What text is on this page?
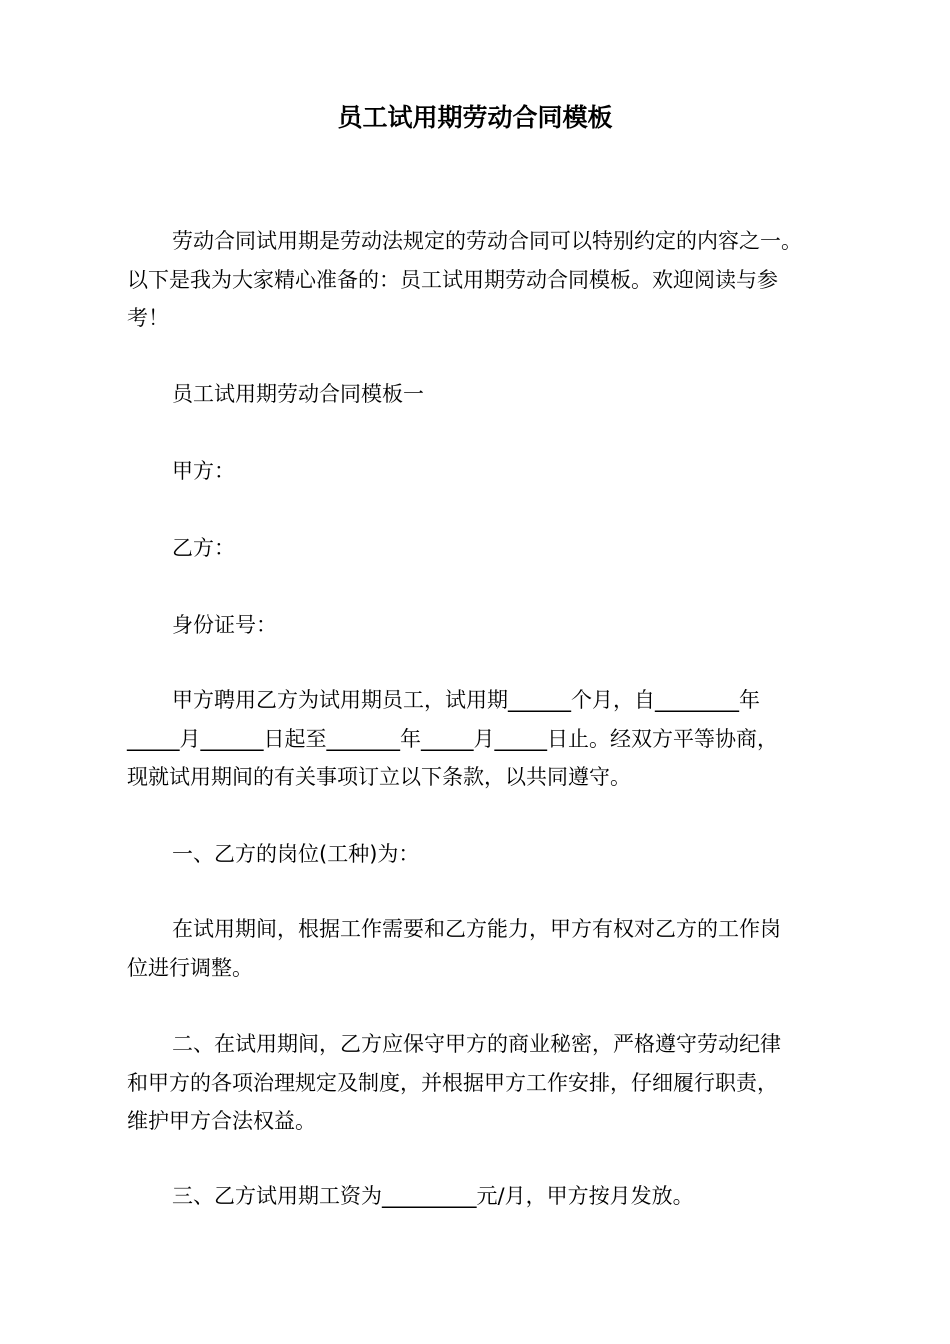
员工试用期劳动合同模板
劳动合同试用期是劳动法规定的劳动合同可以特别约定的内容之一。
以下是我为大家精心准备的：员工试用期劳动合同模板。欢迎阅读与参
考！
员工试用期劳动合同模板一
甲方：
乙方：
身份证号：
甲方聘用乙方为试用期员工，试用期______个月，自________年
_____月______日起至_______年_____月_____日止。经双方平等协商，
现就试用期间的有关事项订立以下条款，以共同遵守。
一、乙方的岗位(工种)为：
在试用期间，根据工作需要和乙方能力，甲方有权对乙方的工作岗
位进行调整。
二、在试用期间，乙方应保守甲方的商业秘密，严格遵守劳动纪律
和甲方的各项治理规定及制度，并根据甲方工作安排，仔细履行职责，
维护甲方合法权益。
三、乙方试用期工资为_________元/月，甲方按月发放。
